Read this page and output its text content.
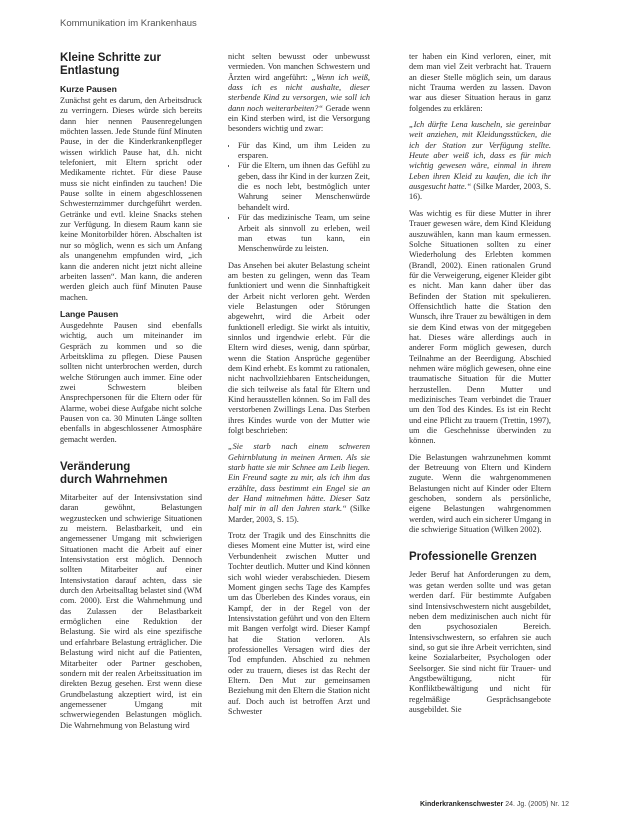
Kommunikation im Krankenhaus
Kleine Schritte zur Entlastung
Kurze Pausen

Zunächst geht es darum, den Arbeitsdruck zu verringern. Dieses würde sich bereits dann hier nennen Pausenregelungen möchten lassen. Jede Stunde fünf Minuten Pause, in der die Kinderkrankenpfleger wissen wirklich Pause hat, d.h. nicht telefoniert, mit Eltern spricht oder Medikamente richtet. Für diese Pause muss sie nicht einfinden zu tauchen! Die Pause sollte in einem abgeschlossenen Schwesternzimmer durchgeführt werden. Getränke und evtl. kleine Snacks stehen zur Verfügung. In diesem Raum kann sie keine Monitorbilder hören. Abschalten ist nur so möglich, wenn es sich um Anfang als unangenehm empfunden wird, „ich kann die anderen nicht jetzt nicht alleine arbeiten lassen“. Man kann, die anderen werden gleich auch fünf Minuten Pause machen.

Lange Pausen

Ausgedehnte Pausen sind ebenfalls wichtig, auch um miteinander im Gespräch zu kommen und so die Arbeitsklima zu pflegen. Diese Pausen sollten nicht unterbrochen werden, durch welche Störungen auch immer. Eine oder zwei Schwestern bleiben Ansprechpersonen für die Eltern oder für Alarme, wobei diese Aufgabe nicht solche Pausen von ca. 30 Minuten Länge sollten ebenfalls in abgeschlossener Atmosphäre gemacht werden.

Veränderung
durch Wahrnehmen

Mitarbeiter auf der Intensivstation sind daran gewöhnt, Belastungen wegzustecken und schwierige Situationen zu meistern. Belastbarkeit, und ein angemessener Umgang mit schwierigen Situationen macht die Arbeit auf einer Intensivstation erst möglich. Dennoch sollten Mitarbeiter auf einer Intensivstation darauf achten, dass sie durch den Arbeitsalltag belastet sind (WM com. 2000). Erst die Wahrnehmung und das Zulassen der Belastbarkeit ermöglichen eine Reduktion der Belastung. Sie wird als eine spezifische und erfahrbare Belastung erträglicher. Die Belastung wird nicht auf die Patienten, Mitarbeiter oder Partner geschoben, sondern mit der realen Arbeitssituation im direkten Bezug gesehen. Erst wenn diese Grundbelastung akzeptiert wird, ist ein angemessener Umgang mit schwerwiegenden Belastungen möglich. Die Wahrnehmung von Belastung wird

nicht selten bewusst oder unbewusst vermieden. Von manchen Schwestern und Ärzten wird angeführt: „Wenn ich weiß, dass ich es nicht aushalte, dieser sterbende Kind zu versorgen, wie soll ich dann noch weiterarbeiten?“ Gerade wenn ein Kind sterben wird, ist die Versorgung besonders wichtig und zwar:

• Für das Kind, um ihm Leiden zu ersparen.
• Für die Eltern, um ihnen das Gefühl zu geben, dass ihr Kind in der kurzen Zeit, die es noch lebt, bestmöglich unter Wahrung seiner Menschenwürde behandelt wird.
• Für das medizinische Team, um seine Arbeit als sinnvoll zu erleben, weil man etwas tun kann, ein Menschenwürde zu leisten.

Das Ansehen bei akuter Belastung scheint am besten zu gelingen, wenn das Team funktioniert und wenn die Sinnhaftigkeit der Arbeit nicht verloren geht. Werden viele Belastungen oder Störungen abgewehrt, wird die Arbeit oder funktionell erledigt. Sie wirkt als intuitiv, sinnlos und irgendwie erlebt. Für die Eltern wird dieses, wenig, dann spürbar, wenn die Station Ansprüche gegenüber dem Kind erhebt. Es kommt zu rationalen, nicht nachvollziehbaren Entscheidungen, die sich teilweise als fatal für Eltern und Kind herausstellen können. So im Fall des verstorbenen Zwillings Lena. Das Sterben ihres Kindes wurde von der Mutter wie folgt beschrieben:

„Sie starb nach einem schweren Gehirnblutung in meinen Armen. Als sie starb hatte sie mir Schnee am Leib liegen. Ein Freund sagte zu mir, als ich ihm das erzählte, dass bestimmt ein Engel sie an der Hand mitnehmen hätte. Dieser Satz half mir in all den Jahren stark.“ (Silke Marder, 2003, S. 15).

Trotz der Tragik und des Einschnitts die dieses Moment eine Mutter ist, wird eine Verbundenheit zwischen Mutter und Tochter deutlich. Mutter und Kind können sich wohl wieder verabschieden. Diesem Moment gingen sechs Tage des Kampfes um das Überleben des Kindes voraus, ein Kampf, der in der Regel von der Intensivstation geführt und von den Eltern mit Bangen verfolgt wird. Dieser Kampf hat die Station verloren. Als professionelles Versagen wird dies der Tod empfunden. Abschied zu nehmen oder zu trauern, dieses ist das Recht der Eltern. Den Mut zur gemeinsamen Beziehung mit den Eltern die Station nicht auf. Doch auch ist betroffen Arzt und Schwester

ter haben ein Kind verloren, einer, mit dem man viel Zeit verbracht hat. Trauern an dieser Stelle möglich sein, um daraus nicht Trauma werden zu lassen. Davon war aus dieser Situation heraus in ganz folgendes zu erklären:

„Ich dürfte Lena kuscheln, sie gereinbar weit anziehen, mit Kleidungsstücken, die ich der Station zur Verfügung stellte. Heute aber weiß ich, dass es für mich wichtig gewesen wäre, einmal in ihrem Leben ihren Kleid zu kaufen, die ich ihr ausgesucht hatte.“ (Silke Marder, 2003, S. 16).

Was wichtig es für diese Mutter in ihrer Trauer gewesen wäre, dem Kind Kleidung auszuwählen, kann man kaum ermessen. Solche Situationen sollten zu einer Wiederholung des Erlebten kommen (Brandl, 2002). Einen rationalen Grund für die Verweigerung, eigener Kleider gibt es nicht. Man kann daher über das Befinden der Station mit spekulieren. Offensichtlich hatte die Station den Wunsch, ihre Trauer zu bewältigen in dem sie dem Kind etwas von der mitgegeben hat. Dieses wäre allerdings auch in anderer Form möglich gewesen, durch Teilnahme an der Beerdigung. Abschied nehmen wäre möglich gewesen, ohne eine traumatische Situation für die Mutter herzustellen. Denn Mutter und medizinisches Team verbindet die Trauer um den Tod des Kindes. Es ist ein Recht und eine Pflicht zu trauern (Trettin, 1997), um die Geschehnisse überwinden zu können.

Die Belastungen wahrzunehmen kommt der Betreuung von Eltern und Kindern zugute. Wenn die wahrgenommenen Belastungen nicht auf Kinder oder Eltern geschoben, sondern als persönliche, eigene Belastungen wahrgenommen werden, wird auch ein sicherer Umgang in die schwierige Situation (Wilken 2002).

Professionelle Grenzen

Jeder Beruf hat Anforderungen zu dem, was getan werden sollte und was getan werden darf. Für bestimmte Aufgaben sind Intensivschwestern nicht ausgebildet, neben dem medizinischen auch nicht für den psychosozialen Bereich. Intensivschwestern, so erfahren sie auch sind, so gut sie ihre Arbeit verrichten, sind keine Sozialarbeiter, Psychologen oder Seelsorger. Sie sind nicht für Trauer- und Angstbewältigung, nicht für Konfliktbewältigung und nicht für regelmäßige Gesprächsangebote ausgebildet. Sie

Kinderkrankenschwester 24. Jg. (2005) Nr. 12
